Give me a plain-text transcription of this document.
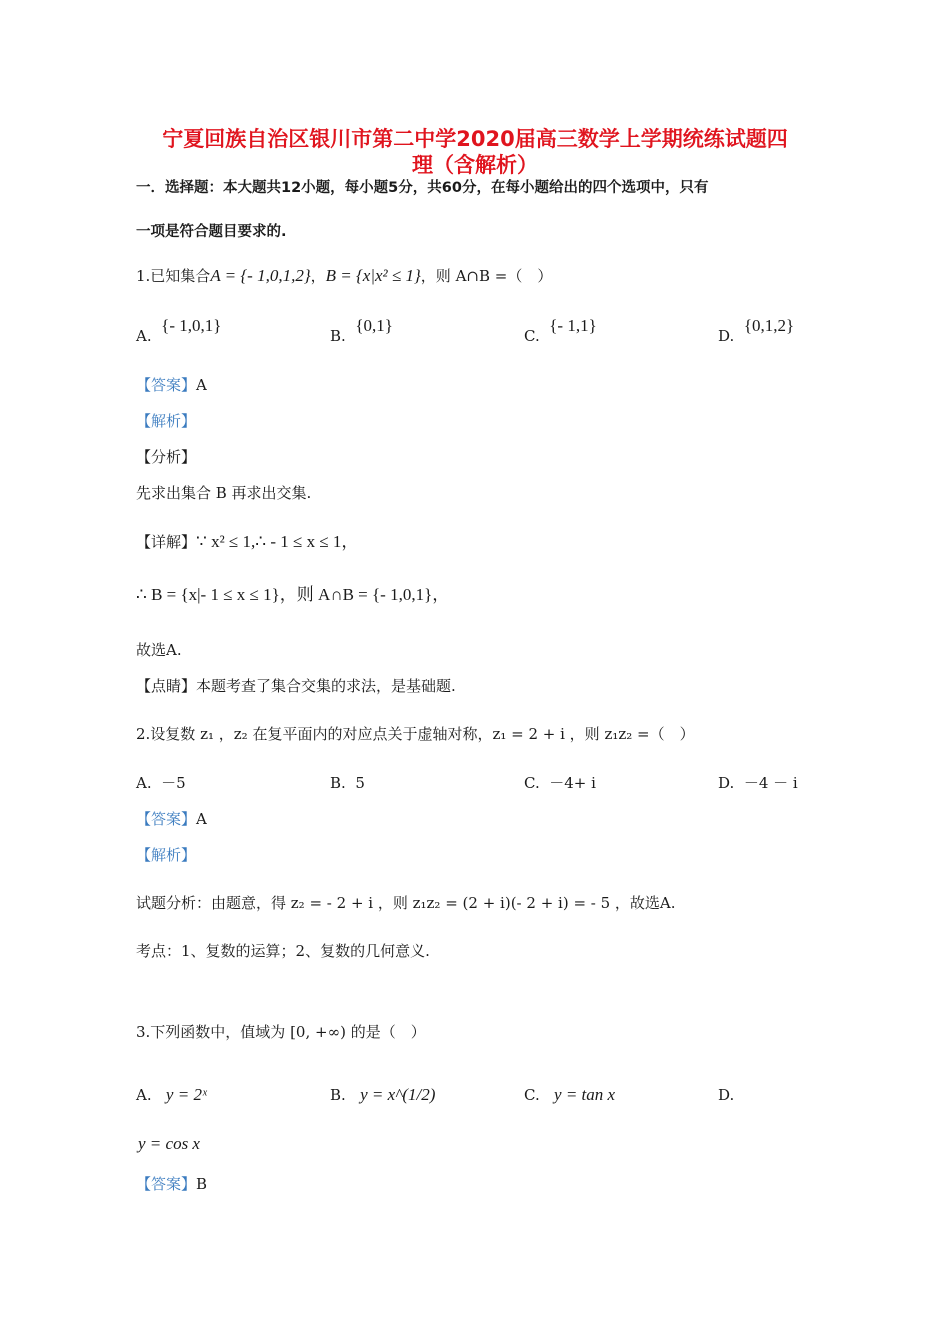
宁夏回族自治区银川市第二中学2020届高三数学上学期统练试题四
理（含解析）
一．选择题：本大题共12小题，每小题5分，共60分，在每小题给出的四个选项中，只有
一项是符合题目要求的.
1.已知集合A = {- 1,0,1,2}，B = {x|x² ≤ 1}，则 A∩B =（　）
A.  {- 1,0,1}
B.  {0,1}
C.  {- 1,1}
D.  {0,1,2}
【答案】A
【解析】
【分析】
先求出集合 B 再求出交集.
【详解】∵ x² ≤ 1,∴ - 1 ≤ x ≤ 1，
∴ B = {x|- 1 ≤ x ≤ 1}，则 A∩B = {- 1,0,1}，
故选A.
【点睛】本题考查了集合交集的求法，是基础题.
2.设复数 z₁ ，z₂ 在复平面内的对应点关于虚轴对称，z₁ = 2 + i ，则 z₁z₂ =（　）
A. －5	B. 5	C. －4+ i	D. －4 － i
【答案】A
【解析】
试题分析：由题意，得 z₂ = - 2 + i ，则 z₁z₂ = (2 + i)(- 2 + i) = - 5 ，故选A.
考点：1、复数的运算；2、复数的几何意义.
3.下列函数中，值域为 [0, +∞) 的是（　）
A. y = 2ˣ	B. y = x^(1/2)	C. y = tan x	D.
y = cos x
【答案】B
